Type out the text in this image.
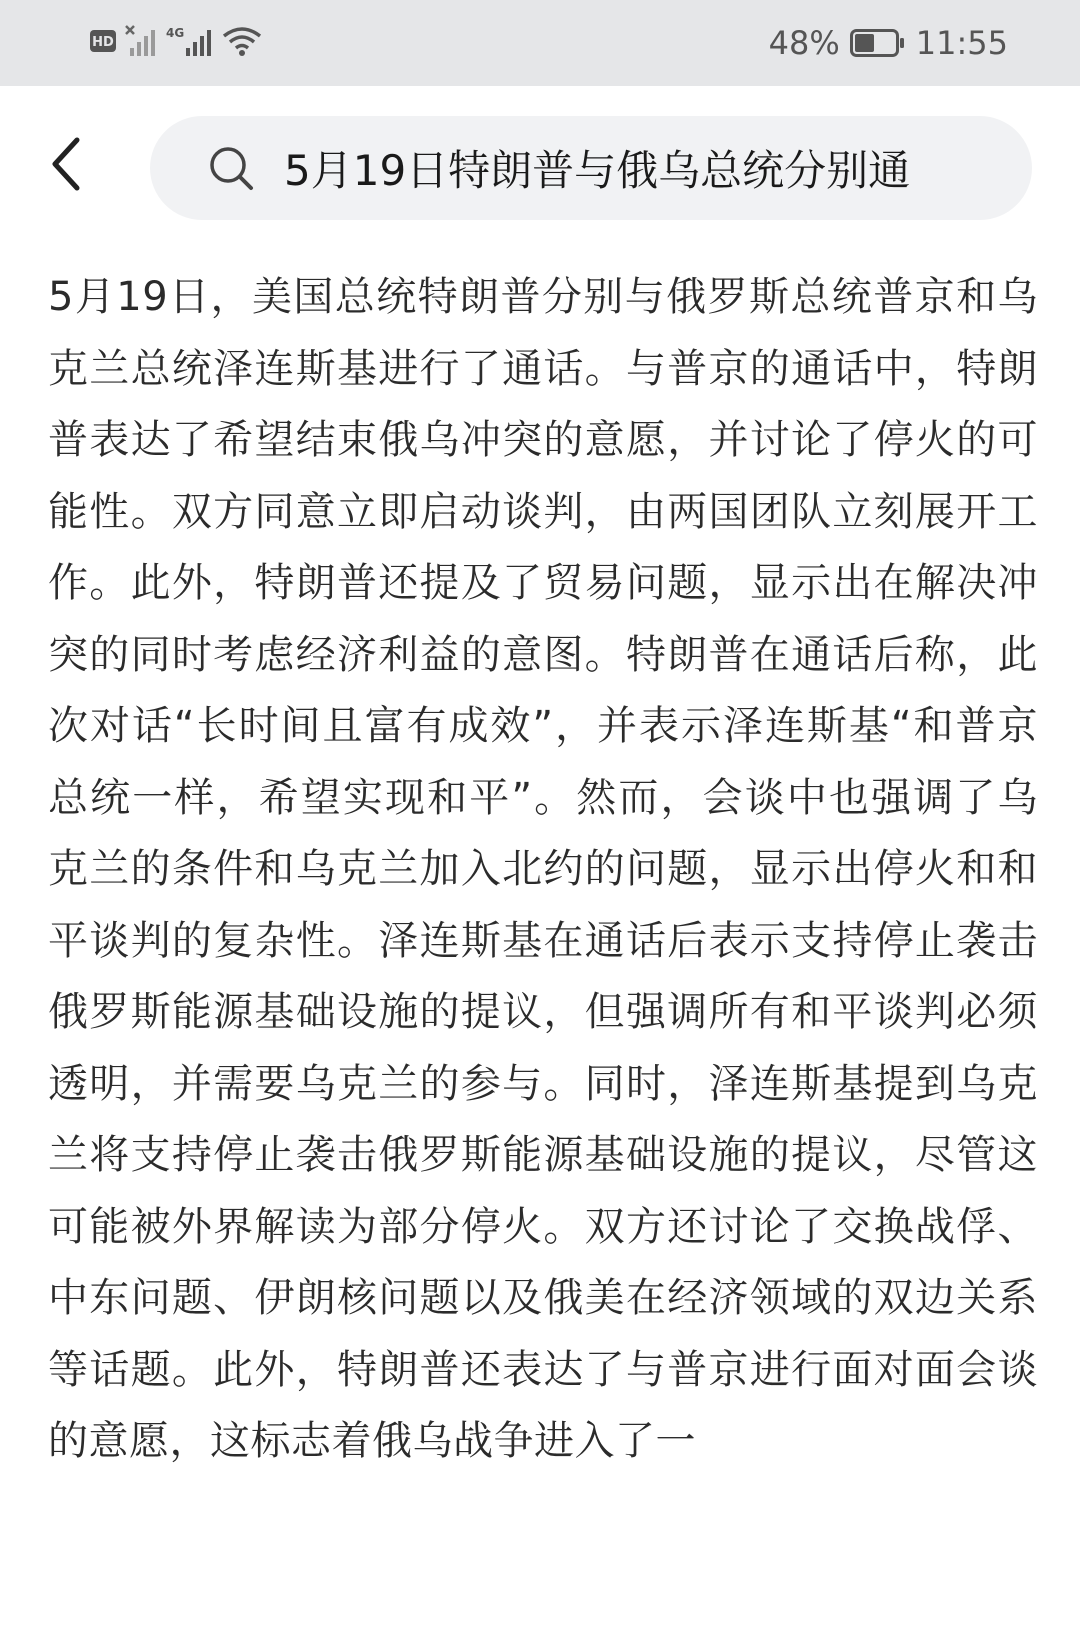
HD
4G	48% 11:55
5月19日特朗普与俄乌总统分别通
5月19日，美国总统特朗普分别与俄罗斯总统普京和乌克兰总统泽连斯基进行了通话。与普京的通话中，特朗普表达了希望结束俄乌冲突的意愿，并讨论了停火的可能性。双方同意立即启动谈判，由两国团队立刻展开工作。此外，特朗普还提及了贸易问题，显示出在解决冲突的同时考虑经济利益的意图。特朗普在通话后称，此次对话“长时间且富有成效”，并表示泽连斯基“和普京总统一样，希望实现和平”。然而，会谈中也强调了乌克兰的条件和乌克兰加入北约的问题，显示出停火和和平谈判的复杂性。泽连斯基在通话后表示支持停止袭击俄罗斯能源基础设施的提议，但强调所有和平谈判必须透明，并需要乌克兰的参与。同时，泽连斯基提到乌克兰将支持停止袭击俄罗斯能源基础设施的提议，尽管这可能被外界解读为部分停火。双方还讨论了交换战俘、中东问题、伊朗核问题以及俄美在经济领域的双边关系等话题。此外，特朗普还表达了与普京进行面对面会谈的意愿，这标志着俄乌战争进入了一
